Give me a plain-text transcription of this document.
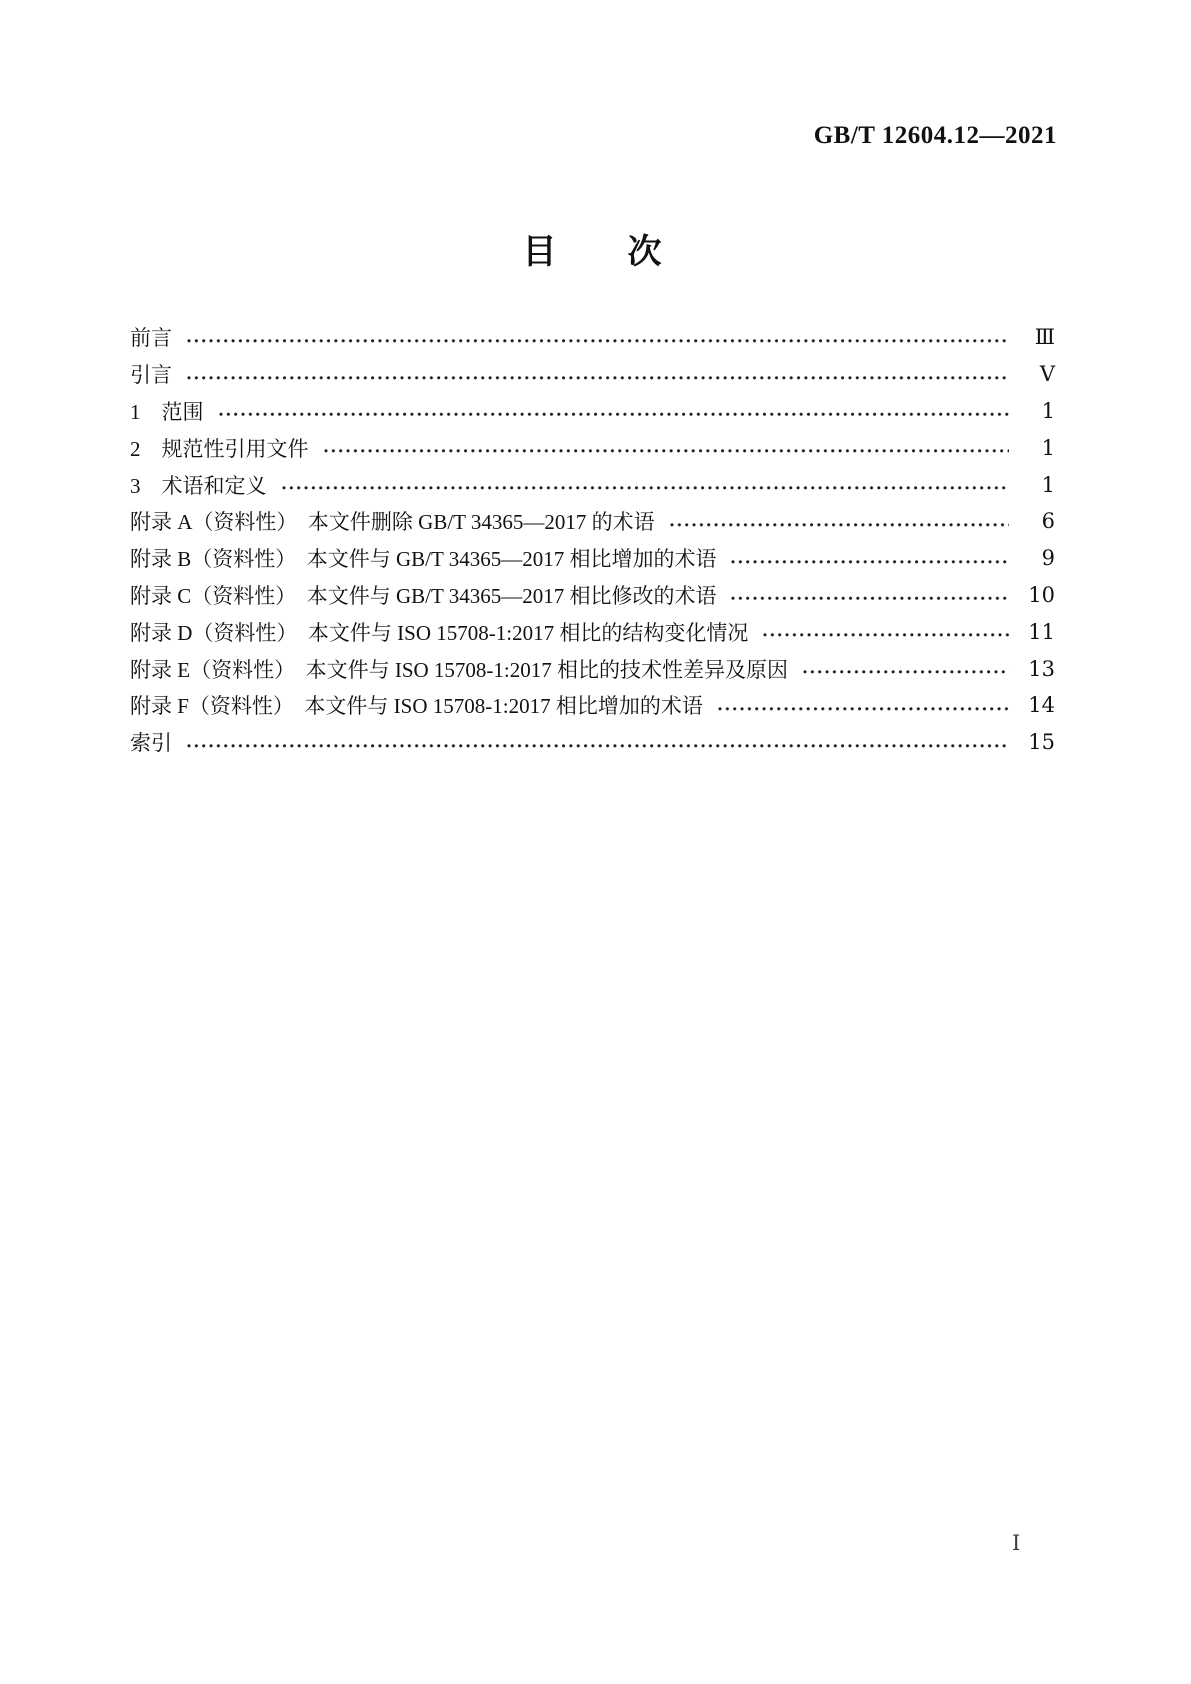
GB/T 12604.12—2021
目　　次
前言	Ⅲ
引言	Ⅴ
1　范围	1
2　规范性引用文件	1
3　术语和定义	1
附录 A（资料性）　本文件删除 GB/T 34365—2017 的术语	6
附录 B（资料性）　本文件与 GB/T 34365—2017 相比增加的术语	9
附录 C（资料性）　本文件与 GB/T 34365—2017 相比修改的术语	10
附录 D（资料性）　本文件与 ISO 15708-1:2017 相比的结构变化情况	11
附录 E（资料性）　本文件与 ISO 15708-1:2017 相比的技术性差异及原因	13
附录 F（资料性）　本文件与 ISO 15708-1:2017 相比增加的术语	14
索引	15
Ⅰ
